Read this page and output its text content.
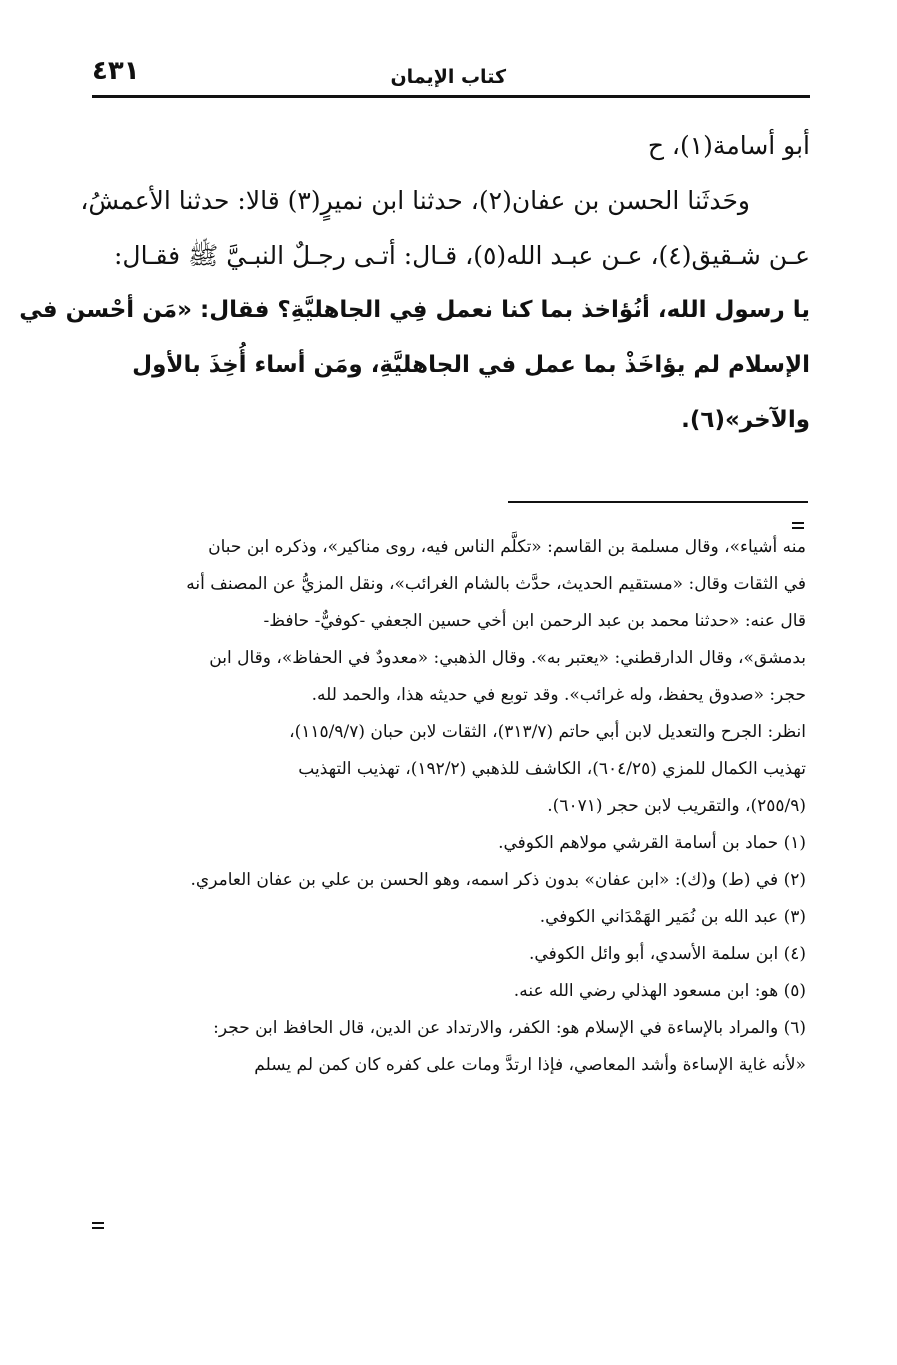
كتاب الإيمان
٤٣١
أبو أسامة(١)، ح
وحَدثَنا الحسن بن عفان(٢)، حدثنا ابن نميرٍ(٣) قالا: حدثنا الأعمشُ،
عـن شـقيق(٤)، عـن عبـد الله(٥)، قـال: أتـى رجـلٌ النبـيَّ ﷺ فقـال:
يا رسول الله، أنُؤاخذ بما كنا نعمل فِي الجاهليَّةِ؟ فقال: «مَن أحْسن في
الإسلام لم يؤاخَذْ بما عمل في الجاهليَّةِ، ومَن أساء أُخِذَ بالأول
والآخر»(٦).
منه أشياء»، وقال مسلمة بن القاسم: «تكلَّم الناس فيه، روى مناكير»، وذكره ابن حبان
في الثقات وقال: «مستقيم الحديث، حدَّث بالشام الغرائب»، ونقل المزيُّ عن المصنف أنه
قال عنه: «حدثنا محمد بن عبد الرحمن ابن أخي حسين الجعفي -كوفيٌّ- حافظ-
بدمشق»، وقال الدارقطني: «يعتبر به». وقال الذهبي: «معدودٌ في الحفاظ»، وقال ابن
حجر: «صدوق يحفظ، وله غرائب». وقد توبع في حديثه هذا، والحمد لله.
انظر: الجرح والتعديل لابن أبي حاتم (٣١٣/٧)، الثقات لابن حبان (١١٥/٩/٧)،
تهذيب الكمال للمزي (٦٠٤/٢٥)، الكاشف للذهبي (١٩٢/٢)، تهذيب التهذيب
(٢٥٥/٩)، والتقريب لابن حجر (٦٠٧١).
(١) حماد بن أسامة القرشي مولاهم الكوفي.
(٢) في (ط) و(ك): «ابن عفان» بدون ذكر اسمه، وهو الحسن بن علي بن عفان العامري.
(٣) عبد الله بن نُمَير الهَمْدَاني الكوفي.
(٤) ابن سلمة الأسدي، أبو وائل الكوفي.
(٥) هو: ابن مسعود الهذلي رضي الله عنه.
(٦) والمراد بالإساءة في الإسلام هو: الكفر، والارتداد عن الدين، قال الحافظ ابن حجر:
«لأنه غاية الإساءة وأشد المعاصي، فإذا ارتدَّ ومات على كفره كان كمن لم يسلم
